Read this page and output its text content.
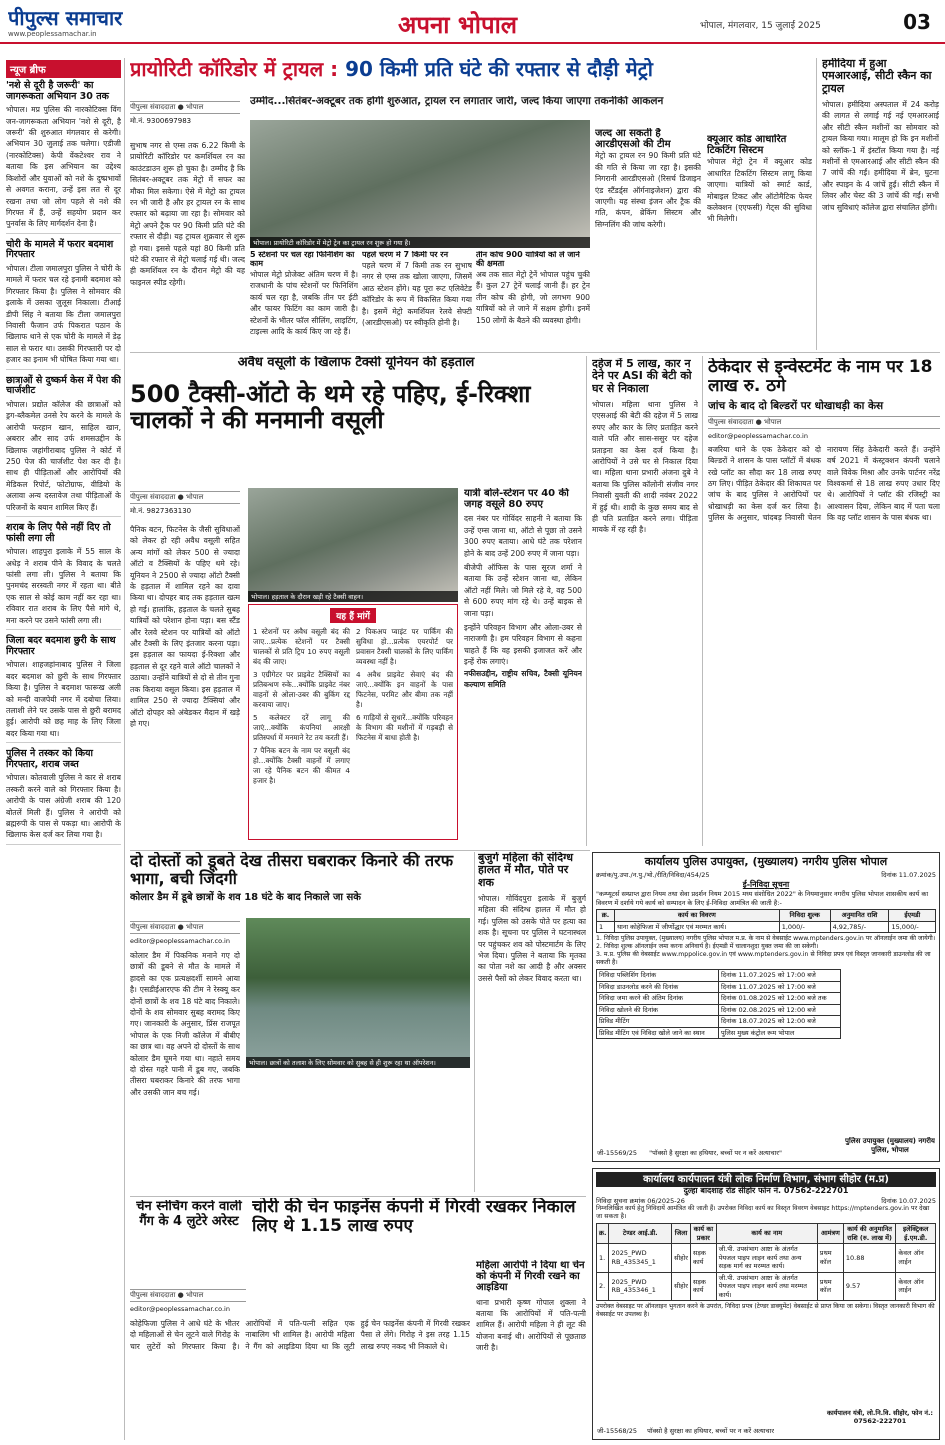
पीपुल्स समाचार
www.peoplessamachar.in	अपना भोपाल	भोपाल, मंगलवार, 15 जुलाई 2025	03
न्यूज ब्रीफ
'नशे से दूरी है जरूरी' का जागरूकता अभियान 30 तक
भोपाल। मप्र पुलिस की नारकोटिक्स विंग जन-जागरूकता अभियान 'नशे से दूरी, है जरूरी' की शुरुआत मंगलवार से करेगी। अभियान 30 जुलाई तक चलेगा। एडीजी (नारकोटिक्स) केपी वेंकटेश्वर राव ने बताया कि इस अभियान का उद्देश्य किशोरों और युवाओं को नशे के दुष्प्रभावों से अवगत कराना, उन्हें इस लत से दूर रखना तथा जो लोग पहले से नशे की गिरफ्त में हैं, उन्हें सहयोग प्रदान कर पुनर्वास के लिए मार्गदर्शन देना है।
चोरी के मामले में फरार बदमाश गिरफ्तार
भोपाल। टीला जमालपुरा पुलिस ने चोरी के मामले में फरार चल रहे इनामी बदमाश को गिरफ्तार किया है। पुलिस ने सोमवार की इलाके में उसका जुलूस निकाला। टीआई डीपी सिंह ने बताया कि टीला जमालपुरा निवासी फैजान उर्फ पिकरात पठान के खिलाफ थाने से एक चोरी के मामले में डेढ़ साल से फरार था। उसकी गिरफ्तारी पर दो हजार का इनाम भी घोषित किया गया था।
छात्राओं से दुष्कर्म केस में पेश की चार्जशीट
भोपाल। प्रद्योत कॉलेज की छात्राओं को ड्रग-ब्लैकमेल उनसे रेप करने के मामले के आरोपी फरहान खान, साहिल खान, अबरार और साद उर्फ शमसउद्दीन के खिलाफ जहांगीराबाद पुलिस ने कोर्ट में 250 पेज की चार्जशीट पेश कर दी है। साथ ही पीड़िताओं और आरोपियों की मेडिकल रिपोर्ट, फोटोग्राफ, वीडियो के अलावा अन्य दस्तावेज तथा पीड़िताओं के परिजनों के बयान शामिल किए हैं।
शराब के लिए पैसे नहीं दिए तो फांसी लगा ली
भोपाल। शाहपुरा इलाके में 55 साल के अधेड़ ने शराब पीने के विवाद के चलते फांसी लगा ली। पुलिस ने बताया कि पुनमचंद सरस्वती नगर में रहता था। बीते एक साल से कोई काम नहीं कर रहा था। रविवार रात शराब के लिए पैसे मांगे थे, मना करने पर उसने फांसी लगा ली।
जिला बदर बदमाश छुरी के साथ गिरफ्तार
भोपाल। शाहजहांनाबाद पुलिस ने जिला बदर बदमाश को छुरी के साथ गिरफ्तार किया है। पुलिस ने बदमाश फारूख अली को मन्दी वाजपेयी नगर में दबोचा लिया। तलाशी लेने पर उसके पास से छुरी बरामद हुई। आरोपी को छह माह के लिए जिला बदर किया गया था।
पुलिस ने तस्कर को किया गिरफ्तार, शराब जब्त
भोपाल। कोतवाली पुलिस ने कार से शराब तस्करी करने वाले को गिरफ्तार किया है। आरोपी के पास अंग्रेजी शराब की 120 बोतलें मिली हैं। पुलिस ने आरोपी को ब्रह्मरुपी के पास से पकड़ा था। आरोपी के खिलाफ केस दर्ज कर लिया गया है।
प्रायोरिटी कॉरिडोर में ट्रायल : 90 किमी प्रति घंटे की रफ्तार से दौड़ी मेट्रो
पीपुल्स संवाददाता ● भोपाल
मो.नं. 9300697983
उम्मीद...सितंबर-अक्टूबर तक होगी शुरुआत, ट्रायल रन लगातार जारी, जल्द किया जाएगा तकनीकी आकलन
सुभाष नगर से एम्स तक 6.22 किमी के प्रायोरिटी कॉरिडोर पर कमर्शियल रन का काउंटडाउन शुरू हो चुका है। उम्मीद है कि सितंबर-अक्टूबर तक मेट्रो में सफर का मौका मिल सकेगा। ऐसे में मेट्रो का ट्रायल रन भी जारी है और हर ट्रायल रन के साथ रफ्तार को बढ़ाया जा रहा है। सोमवार को मेट्रो अपने ट्रैक पर 90 किमी प्रति घंटे की रफ्तार से दौड़ी। यह ट्रायल शुक्रवार से शुरू हो गया। इससे पहले यहां 80 किमी प्रति घंटे की रफ्तार से मेट्रो चलाई गई थी। जल्द ही कमर्शियल रन के दौरान मेट्रो की यह फाइनल स्पीड रहेगी।
भोपाल। प्रायोरिटी कॉरिडोर में मेट्रो ट्रेन का ट्रायल रन शुरू हो गया है।
5 स्टेशनों पर चल रहा फिनिशिंग का काम
भोपाल मेट्रो प्रोजेक्ट अंतिम चरण में है। राजधानी के पांच स्टेशनों पर फिनिशिंग कार्य चल रहा है, जबकि तीन पर ईटी और फायर फिटिंग का काम जारी है। स्टेशनों के भीतर फॉल सीलिंग, लाइटिंग, टाइल्स आदि के कार्य किए जा रहे हैं।
पहले चरण में 7 किमी पर रन
पहले चरण में 7 किमी तक रन सुभाष नगर से एम्स तक खोला जाएगा, जिसमें आठ स्टेशन होंगे। यह पूरा रूट एलिवेटेड कॉरिडोर के रूप में विकसित किया गया है। इसमें मेट्रो कमर्शियल रेलवे सेफ्टी (आरडीएसओ) पर स्वीकृति होनी है।
तीन कोच 900 यात्रियों को ले जाने की क्षमता
अब तक सात मेट्रो ट्रेनें भोपाल पहुंच चुकी हैं। कुल 27 ट्रेनें चलाई जानी हैं। हर ट्रेन तीन कोच की होगी, जो लगभग 900 यात्रियों को ले जाने में सक्षम होगी। इनमें 150 लोगों के बैठने की व्यवस्था होगी।
जल्द आ सकती है आरडीएसओ की टीम
मेट्रो का ट्रायल रन 90 किमी प्रति घंटे की गति से किया जा रहा है। इसकी निगरानी आरडीएसओ (रिसर्च डिजाइन एंड स्टैंडर्ड्स ऑर्गनाइजेशन) द्वारा की जाएगी। यह संस्था इंजन और ट्रैक की गति, कंपन, ब्रेकिंग सिस्टम और सिग्नलिंग की जांच करेगी।
क्यूआर कोड आधारित टिकटिंग सिस्टम
भोपाल मेट्रो ट्रेन में क्यूआर कोड आधारित टिकटिंग सिस्टम लागू किया जाएगा। यात्रियों को स्मार्ट कार्ड, मोबाइल टिकट और ऑटोमैटिक फेयर कलेक्शन (एएफसी) गेट्स की सुविधा भी मिलेगी।
हमीदिया में हुआ एमआरआई, सीटी स्कैन का ट्रायल
भोपाल। हमीदिया अस्पताल में 24 करोड़ की लागत से लगाई गई नई एमआरआई और सीटी स्कैन मशीनों का सोमवार को ट्रायल किया गया। मालूम हो कि इन मशीनों को स्लॉक-1 में इंस्टॉल किया गया है। नई मशीनों से एमआरआई और सीटी स्कैन की 7 जांचें की गईं। हमीदिया में ब्रेन, घुटना और स्पाइन के 4 जांचें हुईं। सीटी स्कैन में लिवर और चेस्ट की 3 जांचें की गईं। सभी जांच सुविधाएं कॉलेज द्वारा संचालित होंगी।
अवैध वसूली के खिलाफ टैक्सी यूनियन की हड़ताल
500 टैक्सी-ऑटो के थमे रहे पहिए, ई-रिक्शा चालकों ने की मनमानी वसूली
पीपुल्स संवाददाता ● भोपाल
मो.नं. 9827363130
पैनिक बटन, फिटनेस के जैसी सुविधाओं को लेकर हो रही अवैध वसूली सहित अन्य मांगों को लेकर 500 से ज्यादा ऑटो व टैक्सियों के पहिए थमे रहे। यूनियन ने 2500 से ज्यादा ऑटो टैक्सी के हड़ताल में शामिल रहने का दावा किया था। दोपहर बाद तक हड़ताल खत्म हो गई। हालांकि, हड़ताल के चलते सुबह यात्रियों को परेशान होना पड़ा। बस स्टैंड और रेलवे स्टेशन पर यात्रियों को ऑटो और टैक्सी के लिए इंतजार करना पड़ा। इस हड़ताल का फायदा ई-रिक्शा और हड़ताल से दूर रहने वाले ऑटो चालकों ने उठाया। उन्होंने यात्रियों से दो से तीन गुना तक किराया वसूल किया। इस हड़ताल में शामिल 250 से ज्यादा टैक्सियां और ऑटो दोपहर को अंबेडकर मैदान में खड़े हो गए।
भोपाल। हड़ताल के दौरान खड़ी रहे टैक्सी वाहन।
यात्री बोले-स्टेशन पर 40 की जगह वसूले 80 रुपए
दस नंबर पर गोविंदर साहनी ने बताया कि उन्हें एम्स जाना था, ऑटो से पूछा तो उसने 300 रुपए बताया। आधे घंटे तक परेशान होने के बाद उन्हें 200 रुपए में जाना पड़ा।
बीजेपी ऑफिस के पास सूरज शर्मा ने बताया कि उन्हें स्टेशन जाना था, लेकिन ऑटो नहीं मिले। जो मिले रहे वे, वह 500 से 600 रुपए मांग रहे थे। उन्हें बाइक से जाना पड़ा।
इन्होंने परिवहन विभाग और ओला-उबर से नाराजगी है। हम परिवहन विभाग से कहना चाहते हैं कि वह इसकी इजाजत करें और इन्हें रोक लगाएं।
नफीसउद्दीन, राष्ट्रीय सचिव, टैक्सी यूनियन कल्याण समिति
यह हैं मांगें
1 स्टेशनों पर अवैध वसूली बंद की जाए...प्रत्येक स्टेशनों पर टैक्सी चालकों से प्रति ट्रिप 10 रुपए वसूली बंद की जाए।
2 पिकअप प्वाइंट पर पार्किंग की सुविधा हो...प्रत्येक एयरपोर्ट पर प्रवासन टैक्सी चालकों के लिए पार्किंग व्यवस्था नहीं है।
3 एग्रीगेटर पर प्राइवेट टैक्सियों का प्रतिबन्धण रुके...क्योंकि प्राइवेट नंबर वाहनों से ओला-उबर की बुकिंग रद्द करवाया जाए।
4 अवैध प्राइवेट सेवाएं बंद की जाएं...क्योंकि इन वाहनों के पास फिटनेस, परमिट और बीमा तक नहीं है।
5 कलेक्टर दरें लागू की जाएं...क्योंकि कंपनियां आरक्षी प्रतिस्पर्धा में मनमाने रेट तय करती हैं।
6 गाड़ियों से सुधारें...क्योंकि परिवहन के विभाग की मशीनों में गड़बड़ी से फिटनेस में बाधा होती है।
7 पैनिक बटन के नाम पर वसूली बंद हो...क्योंकि टैक्सी वाहनों में लगाए जा रहे पैनिक बटन की कीमत 4 हजार है।
दहेज में 5 लाख, कार न देने पर ASI की बेटी को घर से निकाला
भोपाल। महिला थाना पुलिस ने एएसआई की बेटी की दहेज में 5 लाख रुपए और कार के लिए प्रताड़ित करने वाले पति और सास-ससुर पर दहेज प्रताड़ना का केस दर्ज किया है। आरोपियों ने उसे घर से निकाल दिया था। महिला थाना प्रभारी अंजना दुबे ने बताया कि पुलिस कॉलोनी संजीव नगर निवासी युवती की शादी नवंबर 2022 में हुई थी। शादी के कुछ समय बाद से ही पति प्रताड़ित करने लगा। पीड़िता मायके में रह रही है।
ठेकेदार से इन्वेस्टमेंट के नाम पर 18 लाख रु. ठगे
जांच के बाद दो बिल्डरों पर धोखाधड़ी का केस
पीपुल्स संवाददाता ● भोपाल
editor@peoplessamachar.co.in
बजरिया थाने के एक ठेकेदार को दो बिल्डरों ने शासन के पास प्लॉटों में बंधक रखे प्लॉट का सौदा कर 18 लाख रुपए ठग लिए। पीड़ित ठेकेदार की शिकायत पर जांच के बाद पुलिस ने आरोपियों पर धोखाधड़ी का केस दर्ज कर लिया है। पुलिस के अनुसार, चांदबड़ निवासी चेतन नारायण सिंह ठेकेदारी करते हैं। उन्होंने वर्ष 2021 में कंस्ट्रक्शन कंपनी चलाने वाले विवेक मिश्रा और उनके पार्टनर नरेंद्र विश्वकर्मा से 18 लाख रुपए उधार दिए थे। आरोपियों ने प्लॉट की रजिस्ट्री का आश्वासन दिया, लेकिन बाद में पता चला कि वह प्लॉट शासन के पास बंधक था।
दो दोस्तों को डूबते देख तीसरा घबराकर किनारे की तरफ भागा, बची जिंदगी
कोलार डैम में डूबे छात्रों के शव 18 घंटे के बाद निकाले जा सके
पीपुल्स संवाददाता ● भोपाल
editor@peoplessamachar.co.in
कोलार डैम में पिकनिक मनाने गए दो छात्रों की डूबने से मौत के मामले में हादसे का एक प्रत्यक्षदर्शी सामने आया है। एसडीईआरएफ की टीम ने रेस्क्यू कर दोनों छात्रों के शव 18 घंटे बाद निकाले। दोनों के शव सोमवार सुबह बरामद किए गए। जानकारी के अनुसार, प्रिंस राजपूत भोपाल के एक निजी कॉलेज में बीबीए का छात्र था। वह अपने दो दोस्तों के साथ कोलार डैम घूमने गया था। नहाते समय दो दोस्त गहरे पानी में डूब गए, जबकि तीसरा घबराकर किनारे की तरफ भागा और उसकी जान बच गई।
भोपाल। छात्रों को तलाश के लिए सोमवार को सुबह से ही शुरू रहा था ऑपरेशन।
बुजुर्ग महिला की संदिग्ध हालत में मौत, पोते पर शक
भोपाल। गोविंदपुरा इलाके में बुजुर्ग महिला की संदिग्ध हालत में मौत हो गई। पुलिस को उसके पोते पर हत्या का शक है। सूचना पर पुलिस ने घटनास्थल पर पहुंचकर शव को पोस्टमार्टम के लिए भेज दिया। पुलिस ने बताया कि मृतका का पोता नशे का आदी है और अक्सर उससे पैसों को लेकर विवाद करता था।
कार्यालय पुलिस उपायुक्त, (मुख्यालय) नगरीय पुलिस भोपाल
क्रमांक/पु.उपा./न.पु./भो./रीति/निविदा/454/25	दिनांक 11.07.2025
ई-निविदा सूचना
"कम्प्यूटर्स सम्प्राप्त द्वारा नियम तथा सेवा प्रदर्शन नियम 2015 मध्य संशोधित 2022" के नियमानुसार नगरीय पुलिस भोपाल शासकीय कार्य का विवरण में दर्शाये गये कार्य को सम्पादन के लिए ई-निविदा आमंत्रित की जाती है:-
क्र.	कार्य का विवरण	निविदा शुल्क	अनुमानित राशि	ईएमडी
1	थाना कोहेफिजा में जीर्णोद्धार एवं मरम्मत कार्य।	1,000/-	4,92,785/-	15,000/-
1. निविदा पुलिस उपायुक्त, (मुख्यालय) नगरीय पुलिस भोपाल म.प्र. के नाम से वेबसाईट www.mptenders.gov.in पर ऑनलाईन जमा की जायेगी।
2. निविदा शुल्क ऑनलाईन जमा करना अनिवार्य है। ईएमडी में चालानशुदा युक्त जमा की जा सकेगी।
3. म.प्र. पुलिस की वेबसाईट www.mppolice.gov.in एवं www.mptenders.gov.in से निविदा प्रपत्र एवं विस्तृत जानकारी डाउनलोड की जा सकती है।
निविदा पब्लिशिंग दिनांक	दिनांक 11.07.2025 को 17:00 बजे
निविदा डाउनलोड करने की दिनांक	दिनांक 11.07.2025 को 17:00 बजे
निविदा जमा करने की अंतिम दिनांक	दिनांक 01.08.2025 को 12:00 बजे तक
निविदा खोलने की दिनांक	दिनांक 02.08.2025 को 12:00 बजे
प्रिविड मीटिंग	दिनांक 18.07.2025 को 12:00 बजे
प्रिविड मीटिंग एवं निविदा खोले जाने का स्थान	पुलिस मुख्य कंट्रोल रूम भोपाल
पुलिस उपायुक्त (मुख्यालय) नगरीय पुलिस, भोपाल
जी-15569/25 "पॉक्सो है सुरक्षा का हथियार, बच्चों पर न करें अत्याचार"
चेन स्नेचिंग करने वाली गैंग के 4 लुटेरे अरेस्ट
चोरी की चेन फाइनेंस कंपनी में गिरवी रखकर निकाल लिए थे 1.15 लाख रुपए
पीपुल्स संवाददाता ● भोपाल
editor@peoplessamachar.co.in
कोहेफिजा पुलिस ने आधे घंटे के भीतर दो महिलाओं से चेन लूटने वाले गिरोह के चार लुटेरों को गिरफ्तार किया है। आरोपियों में पति-पत्नी सहित एक नाबालिग भी शामिल है। आरोपी महिला ने गैंग को आइडिया दिया था कि लूटी हुई चेन फाइनेंस कंपनी में गिरवी रखकर पैसा ले लेंगे। गिरोह ने इस तरह 1.15 लाख रुपए नकद भी निकाले थे।
महिला आरोपी ने दिया था चेन को कंपनी में गिरवी रखने का आइडिया
थाना प्रभारी कृष्ण गोपाल शुक्ला ने बताया कि आरोपियों में पति-पत्नी शामिल हैं। आरोपी महिला ने ही लूट की योजना बनाई थी। आरोपियों से पूछताछ जारी है।
कार्यालय कार्यपालन यंत्री लोक निर्माण विभाग, संभाग सीहोर (म.प्र)
दुल्हा बादशाह रोड सीहोर फोन नं. 07562-222701
निविदा सूचना क्रमांक 06/2025-26	दिनांक 10.07.2025
निम्नलिखित कार्य हेतु निविदायें आमंत्रित की जाती हैं। उपरोक्त निविदा कार्य का विस्तृत विवरण वेबसाइट https://mptenders.gov.in पर देखा जा सकता है।
क्र.	टेण्डर आई.डी.	जिला	कार्य का प्रकार	कार्य का नाम	आमंत्रण	कार्य की अनुमानित राशि (रु. लाख में)	इलेक्ट्रिकल ई.एम.डी.
1.	2025_PWD RB_435345_1	सीहोर	सड़क कार्य	जी.पी. उपसंभाग आष्टा के अंतर्गत पेयजल पाइप लाइन कार्य तथा अन्य सड़क मार्ग का मरम्मत कार्य।	प्रथम कॉल	10.88	केवल ऑन लाईन
2.	2025_PWD RB_435346_1	सीहोर	सड़क कार्य	जी.पी. उपसंभाग आष्टा के अंतर्गत पेयजल पाइप लाइन कार्य तथा मरम्मत कार्य।	प्रथम कॉल	9.57	केवल ऑन लाईन
उपरोक्त वेबसाइट पर ऑनलाइन भुगतान करने के उपरांत, निविदा प्रपत्र (टेण्डर डाक्युमेंट) वेबसाईट से प्राप्त किया जा सकेगा। विस्तृत जानकारी विभाग की वेबसाईट पर उपलब्ध है।
जी-15568/25 पॉक्सो है सुरक्षा का हथियार, बच्चों पर न करें अत्याचार
कार्यपालन यंत्री, लो.नि.वि. सीहोर, फोन नं.: 07562-222701
